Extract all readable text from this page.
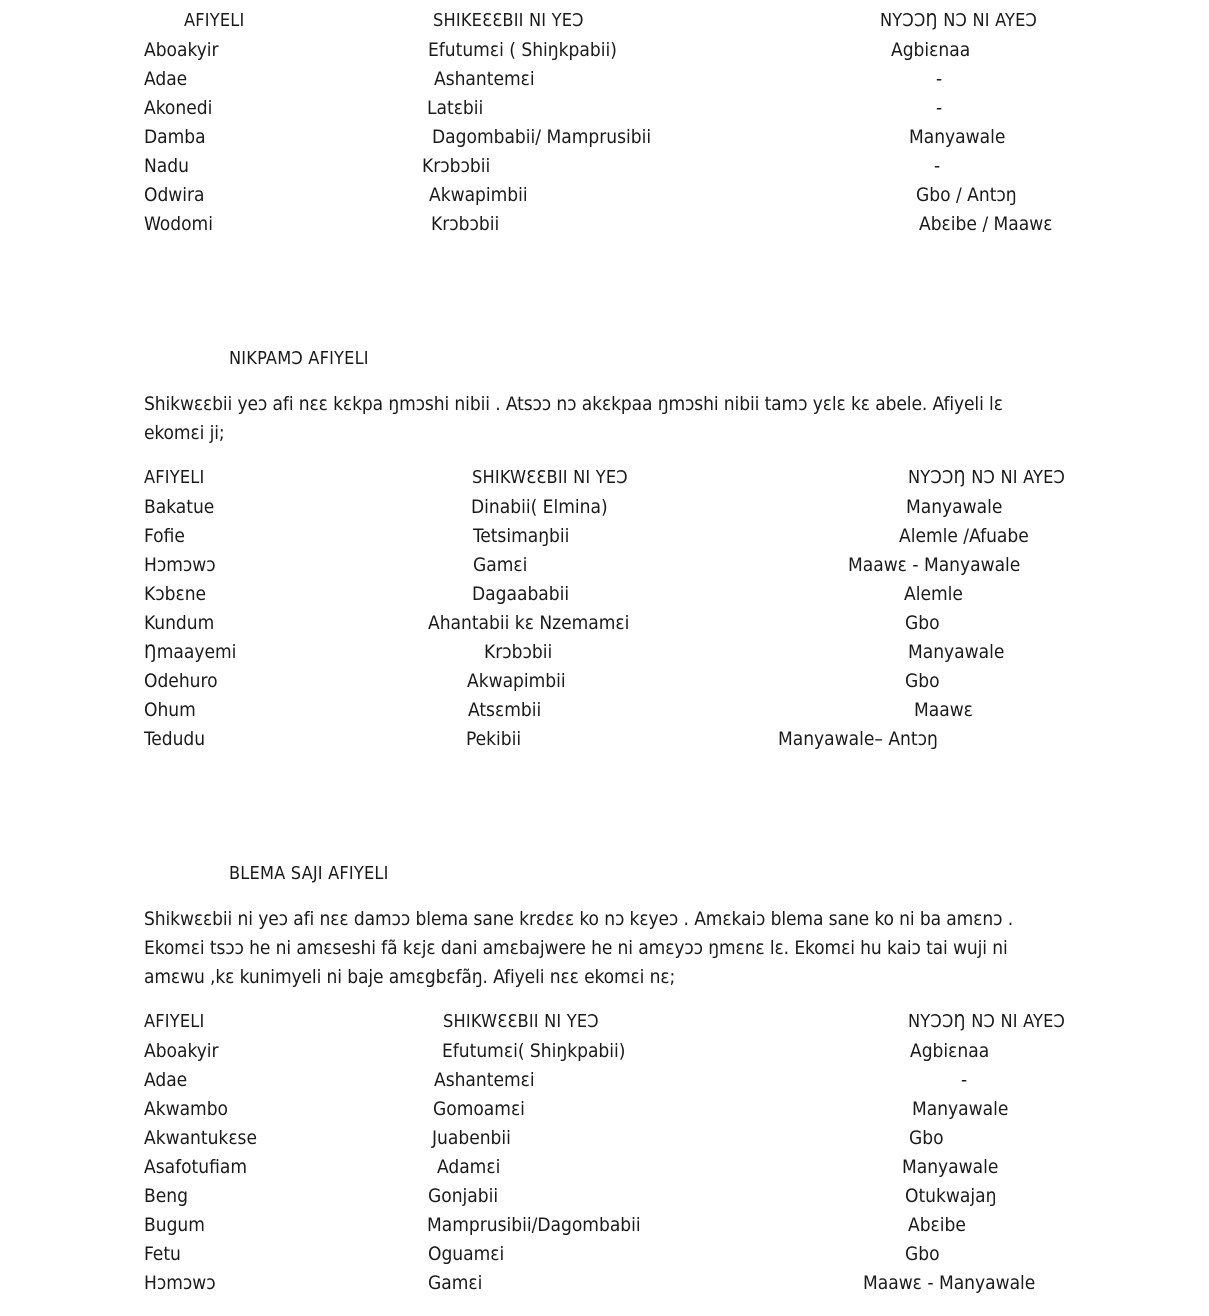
AFIYELI	SHIKEƐƐBII NI YEƆ	NYƆƆŊ NƆ NI AYEƆ
Aboakyir	Efutumɛi ( Shiŋkpabii)	Agbiɛnaa
Adae	Ashantemɛi	-
Akonedi	Latɛbii	-
Damba	Dagombabii/ Mamprusibii	Manyawale
Nadu	Krɔbɔbii	-
Odwira	Akwapimbii	Gbo / Antɔŋ
Wodomi	Krɔbɔbii	Abɛibe / Maawɛ
NIKPAMƆ AFIYELI
Shikwɛɛbii yeɔ afi nɛɛ kɛkpa ŋmɔshi nibii . Atsɔɔ nɔ akɛkpaa ŋmɔshi nibii tamɔ yɛlɛ kɛ abele. Afiyeli lɛ
ekomɛi ji;
AFIYELI	SHIKWƐƐBII NI YEƆ	NYƆƆŊ NƆ NI AYEƆ
Bakatue	Dinabii( Elmina)	Manyawale
Fofie	Tetsimaŋbii	Alemle /Afuabe
Hɔmɔwɔ	Gamɛi	Maawɛ - Manyawale
Kɔbɛne	Dagaababii	Alemle
Kundum	Ahantabii kɛ Nzemamɛi	Gbo
Ŋmaayemi	Krɔbɔbii	Manyawale
Odehuro	Akwapimbii	Gbo
Ohum	Atsɛmbii	Maawɛ
Tedudu	Pekibii	Manyawale– Antɔŋ
BLEMA SAJI AFIYELI
Shikwɛɛbii ni yeɔ afi nɛɛ damɔɔ blema sane krɛdɛɛ ko nɔ kɛyeɔ . Amɛkaiɔ blema sane ko ni ba amɛnɔ .
Ekomɛi tsɔɔ he ni amɛseshi fã kɛjɛ dani amɛbajwere he ni amɛyɔɔ ŋmɛnɛ lɛ. Ekomɛi hu kaiɔ tai wuji ni
amɛwu ,kɛ kunimyeli ni baje amɛgbɛfãŋ. Afiyeli nɛɛ ekomɛi nɛ;
AFIYELI	SHIKWƐƐBII NI YEƆ	NYƆƆŊ NƆ NI AYEƆ
Aboakyir	Efutumɛi( Shiŋkpabii)	Agbiɛnaa
Adae	Ashantemɛi	-
Akwambo	Gomoamɛi	Manyawale
Akwantukɛse	Juabenbii	Gbo
Asafotufiam	Adamɛi	Manyawale
Beng	Gonjabii	Otukwajaŋ
Bugum	Mamprusibii/Dagombabii	Abɛibe
Fetu	Oguamɛi	Gbo
Hɔmɔwɔ	Gamɛi	Maawɛ - Manyawale
